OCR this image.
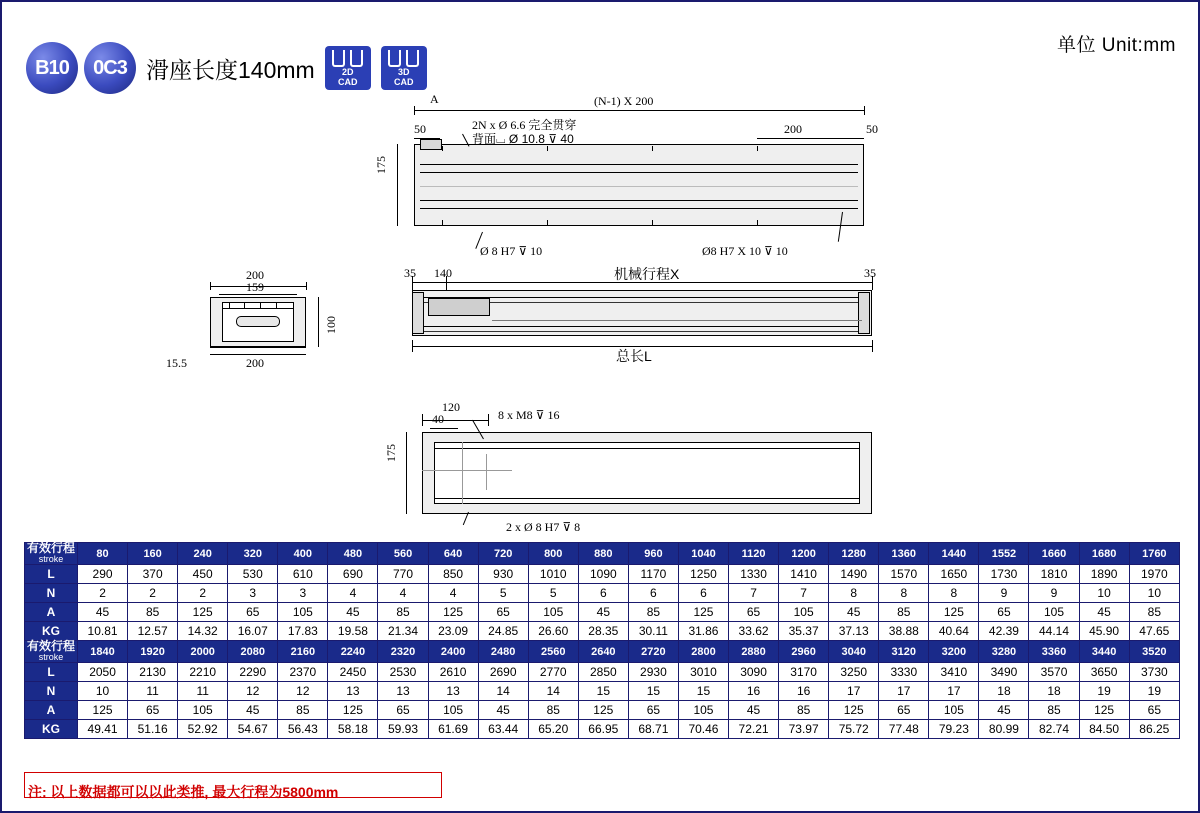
单位 Unit:mm
B10	0C3 滑座长度140mm	2D
CAD
3D
CAD
(N-1) X 200
50	200	50
175
A
2N x Ø 6.6 完全贯穿
背面⌴ Ø 10.8 ⊽ 40
Ø 8 H7 ⊽ 10	Ø8 H7 X 10 ⊽ 10
200
159
100
200
15.5
35 140	机械行程X	35
总长L
120
40	8 x M8 ⊽ 16
175
2 x Ø 8 H7 ⊽ 8
有效行程
stroke	80	160	240	320	400	480	560	640	720	800	880	960	1040	1120	1200	1280	1360	1440	1552	1660	1680	1760
L	290	370	450	530	610	690	770	850	930	1010	1090	1170	1250	1330	1410	1490	1570	1650	1730	1810	1890	1970
N	2	2	2	3	3	4	4	4	5	5	6	6	6	7	7	8	8	8	9	9	10	10
A	45	85	125	65	105	45	85	125	65	105	45	85	125	65	105	45	85	125	65	105	45	85
KG	10.81	12.57	14.32	16.07	17.83	19.58	21.34	23.09	24.85	26.60	28.35	30.11	31.86	33.62	35.37	37.13	38.88	40.64	42.39	44.14	45.90	47.65

有效行程
stroke	1840	1920	2000	2080	2160	2240	2320	2400	2480	2560	2640	2720	2800	2880	2960	3040	3120	3200	3280	3360	3440	3520
L	2050	2130	2210	2290	2370	2450	2530	2610	2690	2770	2850	2930	3010	3090	3170	3250	3330	3410	3490	3570	3650	3730
N	10	11	11	12	12	13	13	13	14	14	15	15	15	16	16	17	17	17	18	18	19	19
A	125	65	105	45	85	125	65	105	45	85	125	65	105	45	85	125	65	105	45	85	125	65
KG	49.41	51.16	52.92	54.67	56.43	58.18	59.93	61.69	63.44	65.20	66.95	68.71	70.46	72.21	73.97	75.72	77.48	79.23	80.99	82.74	84.50	86.25
注: 以上数据都可以以此类推, 最大行程为5800mm
